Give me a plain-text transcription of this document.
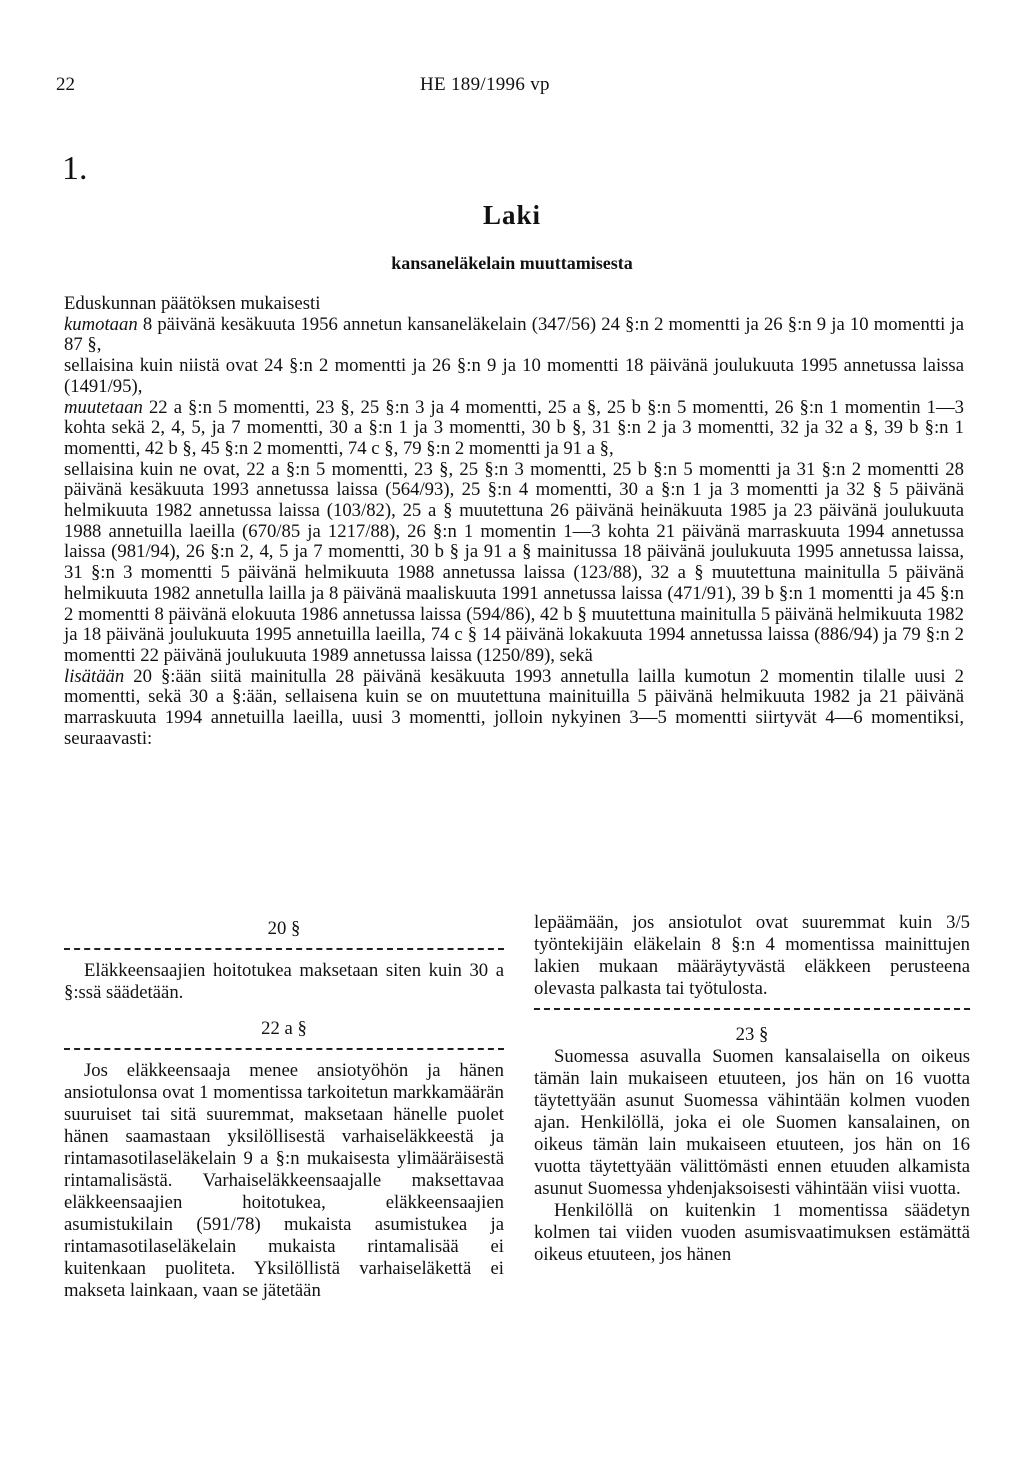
22	HE 189/1996 vp
1.
Laki
kansaneläkelain muuttamisesta

Eduskunnan päätöksen mukaisesti

kumotaan 8 päivänä kesäkuuta 1956 annetun kansaneläkelain (347/56) 24 §:n 2 momentti ja 26 §:n 9 ja 10 momentti ja 87 §,

sellaisina kuin niistä ovat 24 §:n 2 momentti ja 26 §:n 9 ja 10 momentti 18 päivänä joulukuuta 1995 annetussa laissa (1491/95),

muutetaan 22 a §:n 5 momentti, 23 §, 25 §:n 3 ja 4 momentti, 25 a §, 25 b §:n 5 momentti, 26 §:n 1 momentin 1—3 kohta sekä 2, 4, 5, ja 7 momentti, 30 a §:n 1 ja 3 momentti, 30 b §, 31 §:n 2 ja 3 momentti, 32 ja 32 a §, 39 b §:n 1 momentti, 42 b §, 45 §:n 2 momentti, 74 c §, 79 §:n 2 momentti ja 91 a §,

sellaisina kuin ne ovat, 22 a §:n 5 momentti, 23 §, 25 §:n 3 momentti, 25 b §:n 5 momentti ja 31 §:n 2 momentti 28 päivänä kesäkuuta 1993 annetussa laissa (564/93), 25 §:n 4 momentti, 30 a §:n 1 ja 3 momentti ja 32 § 5 päivänä helmikuuta 1982 annetussa laissa (103/82), 25 a § muutettuna 26 päivänä heinäkuuta 1985 ja 23 päivänä joulukuuta 1988 annetuilla laeilla (670/85 ja 1217/88), 26 §:n 1 momentin 1—3 kohta 21 päivänä marraskuuta 1994 annetussa laissa (981/94), 26 §:n 2, 4, 5 ja 7 momentti, 30 b § ja 91 a § mainitussa 18 päivänä joulukuuta 1995 annetussa laissa, 31 §:n 3 momentti 5 päivänä helmikuuta 1988 annetussa laissa (123/88), 32 a § muutettuna mainitulla 5 päivänä helmikuuta 1982 annetulla lailla ja 8 päivänä maaliskuuta 1991 annetussa laissa (471/91), 39 b §:n 1 momentti ja 45 §:n 2 momentti 8 päivänä elokuuta 1986 annetussa laissa (594/86), 42 b § muutettuna mainitulla 5 päivänä helmikuuta 1982 ja 18 päivänä joulukuuta 1995 annetuilla laeilla, 74 c § 14 päivänä lokakuuta 1994 annetussa laissa (886/94) ja 79 §:n 2 momentti 22 päivänä joulukuuta 1989 annetussa laissa (1250/89), sekä

lisätään 20 §:ään siitä mainitulla 28 päivänä kesäkuuta 1993 annetulla lailla kumotun 2 momentin tilalle uusi 2 momentti, sekä 30 a §:ään, sellaisena kuin se on muutettuna mainituilla 5 päivänä helmikuuta 1982 ja 21 päivänä marraskuuta 1994 annetuilla laeilla, uusi 3 momentti, jolloin nykyinen 3—5 momentti siirtyvät 4—6 momentiksi, seuraavasti:

20 §

Eläkkeensaajien hoitotukea maksetaan siten kuin 30 a §:ssä säädetään.

22 a §

Jos eläkkeensaaja menee ansiotyöhön ja hänen ansiotulonsa ovat 1 momentissa tarkoitetun markkamäärän suuruiset tai sitä suuremmat, maksetaan hänelle puolet hänen saamastaan yksilöllisestä varhaiseläkkeestä ja rintamasotilaseläkelain 9 a §:n mukaisesta ylimääräisestä rintamalisästä. Varhaiseläkkeensaajalle maksettavaa eläkkeensaajien hoitotukea, eläkkeensaajien asumistukilain (591/78) mukaista asumistukea ja rintamasotilaseläkelain mukaista rintamalisää ei kuitenkaan puoliteta. Yksilöllistä varhaiseläkettä ei makseta lainkaan, vaan se jätetään

lepäämään, jos ansiotulot ovat suuremmat kuin 3/5 työntekijäin eläkelain 8 §:n 4 momentissa mainittujen lakien mukaan määräytyvästä eläkkeen perusteena olevasta palkasta tai työtulosta.

23 §

Suomessa asuvalla Suomen kansalaisella on oikeus tämän lain mukaiseen etuuteen, jos hän on 16 vuotta täytettyään asunut Suomessa vähintään kolmen vuoden ajan. Henkilöllä, joka ei ole Suomen kansalainen, on oikeus tämän lain mukaiseen etuuteen, jos hän on 16 vuotta täytettyään välittömästi ennen etuuden alkamista asunut Suomessa yhdenjaksoisesti vähintään viisi vuotta.

Henkilöllä on kuitenkin 1 momentissa säädetyn kolmen tai viiden vuoden asumisvaatimuksen estämättä oikeus etuuteen, jos hänen
